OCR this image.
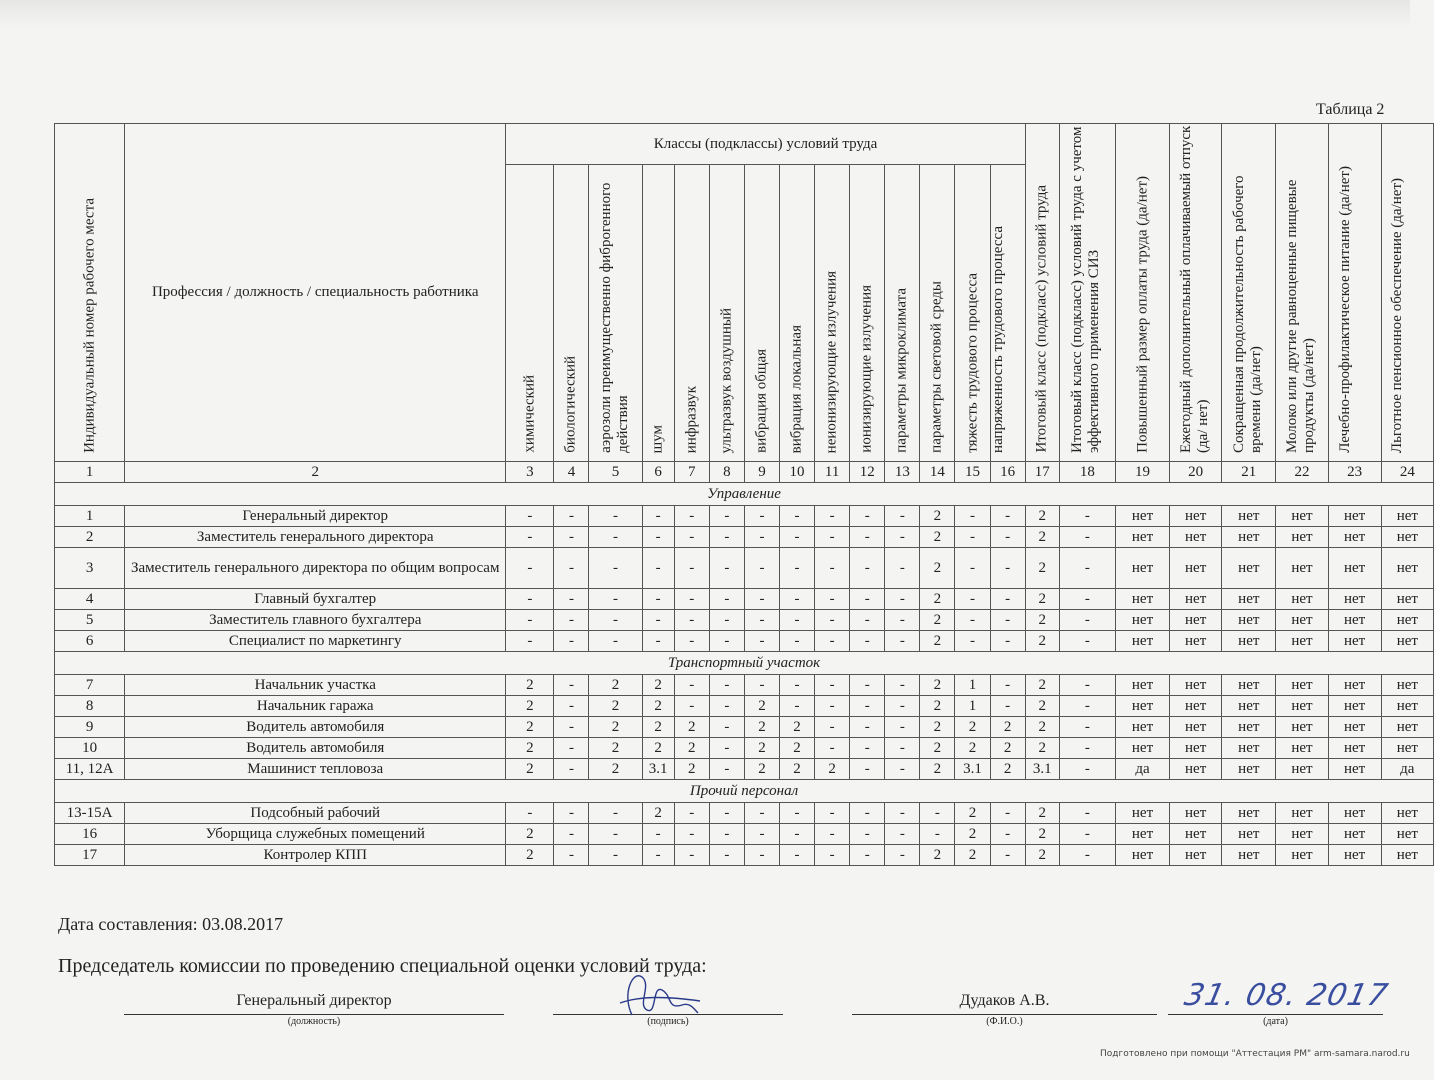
Таблица 2
Индивидуальный номер рабочего места	Профессия / должность / специальность работника	Классы (подклассы) условий труда														Итоговый класс (подкласс) условий труда	Итоговый класс (подкласс) условий труда с учетом эффективного применения СИЗ	Повышенный размер оплаты труда (да/нет)	Ежегодный дополнительный оплачиваемый отпуск (да/ нет)	Сокращенная продолжительность рабочего времени (да/нет)	Молоко или другие равноценные пищевые продукты (да/нет)	Лечебно-профилактическое питание (да/нет)	Льготное пенсионное обеспечение (да/нет)

		химический	биологический	аэрозоли преимущественно фиброгенного действия	шум	инфразвук	ультразвук воздушный	вибрация общая	вибрация локальная	неионизирующие излучения	ионизирующие излучения	параметры микроклимата	параметры световой среды	тяжесть трудового процесса	напряженность трудового процесса								

1	2	3	4	5	6	7	8	9	10	11	12	13	14	15	16	17	18	19	20	21	22	23	24
Управление																							
1	Генеральный директор	-	-	-	-	-	-	-	-	-	-	-	2	-	-	2	-	нет	нет	нет	нет	нет	нет
2	Заместитель генерального директора	-	-	-	-	-	-	-	-	-	-	-	2	-	-	2	-	нет	нет	нет	нет	нет	нет
3	Заместитель генерального директора по общим вопросам	-	-	-	-	-	-	-	-	-	-	-	2	-	-	2	-	нет	нет	нет	нет	нет	нет
4	Главный бухгалтер	-	-	-	-	-	-	-	-	-	-	-	2	-	-	2	-	нет	нет	нет	нет	нет	нет
5	Заместитель главного бухгалтера	-	-	-	-	-	-	-	-	-	-	-	2	-	-	2	-	нет	нет	нет	нет	нет	нет
6	Специалист по маркетингу	-	-	-	-	-	-	-	-	-	-	-	2	-	-	2	-	нет	нет	нет	нет	нет	нет
Транспортный участок																							
7	Начальник участка	2	-	2	2	-	-	-	-	-	-	-	2	1	-	2	-	нет	нет	нет	нет	нет	нет
8	Начальник гаража	2	-	2	2	-	-	2	-	-	-	-	2	1	-	2	-	нет	нет	нет	нет	нет	нет
9	Водитель автомобиля	2	-	2	2	2	-	2	2	-	-	-	2	2	2	2	-	нет	нет	нет	нет	нет	нет
10	Водитель автомобиля	2	-	2	2	2	-	2	2	-	-	-	2	2	2	2	-	нет	нет	нет	нет	нет	нет
11, 12А	Машинист тепловоза	2	-	2	3.1	2	-	2	2	2	-	-	2	3.1	2	3.1	-	да	нет	нет	нет	нет	да
Прочий персонал																							
13-15А	Подсобный рабочий	-	-	-	2	-	-	-	-	-	-	-	-	2	-	2	-	нет	нет	нет	нет	нет	нет
16	Уборщица служебных помещений	2	-	-	-	-	-	-	-	-	-	-	-	2	-	2	-	нет	нет	нет	нет	нет	нет
17	Контролер КПП	2	-	-	-	-	-	-	-	-	-	-	2	2	-	2	-	нет	нет	нет	нет	нет	нет
Дата составления: 03.08.2017
Председатель комиссии по проведению специальной оценки условий труда:
Генеральный директор
(должность)	(подпись)
Дудаков А.В.
(Ф.И.О.)
31. 08. 2017
(дата)
Подготовлено при помощи "Аттестация РМ" arm-samara.narod.ru
